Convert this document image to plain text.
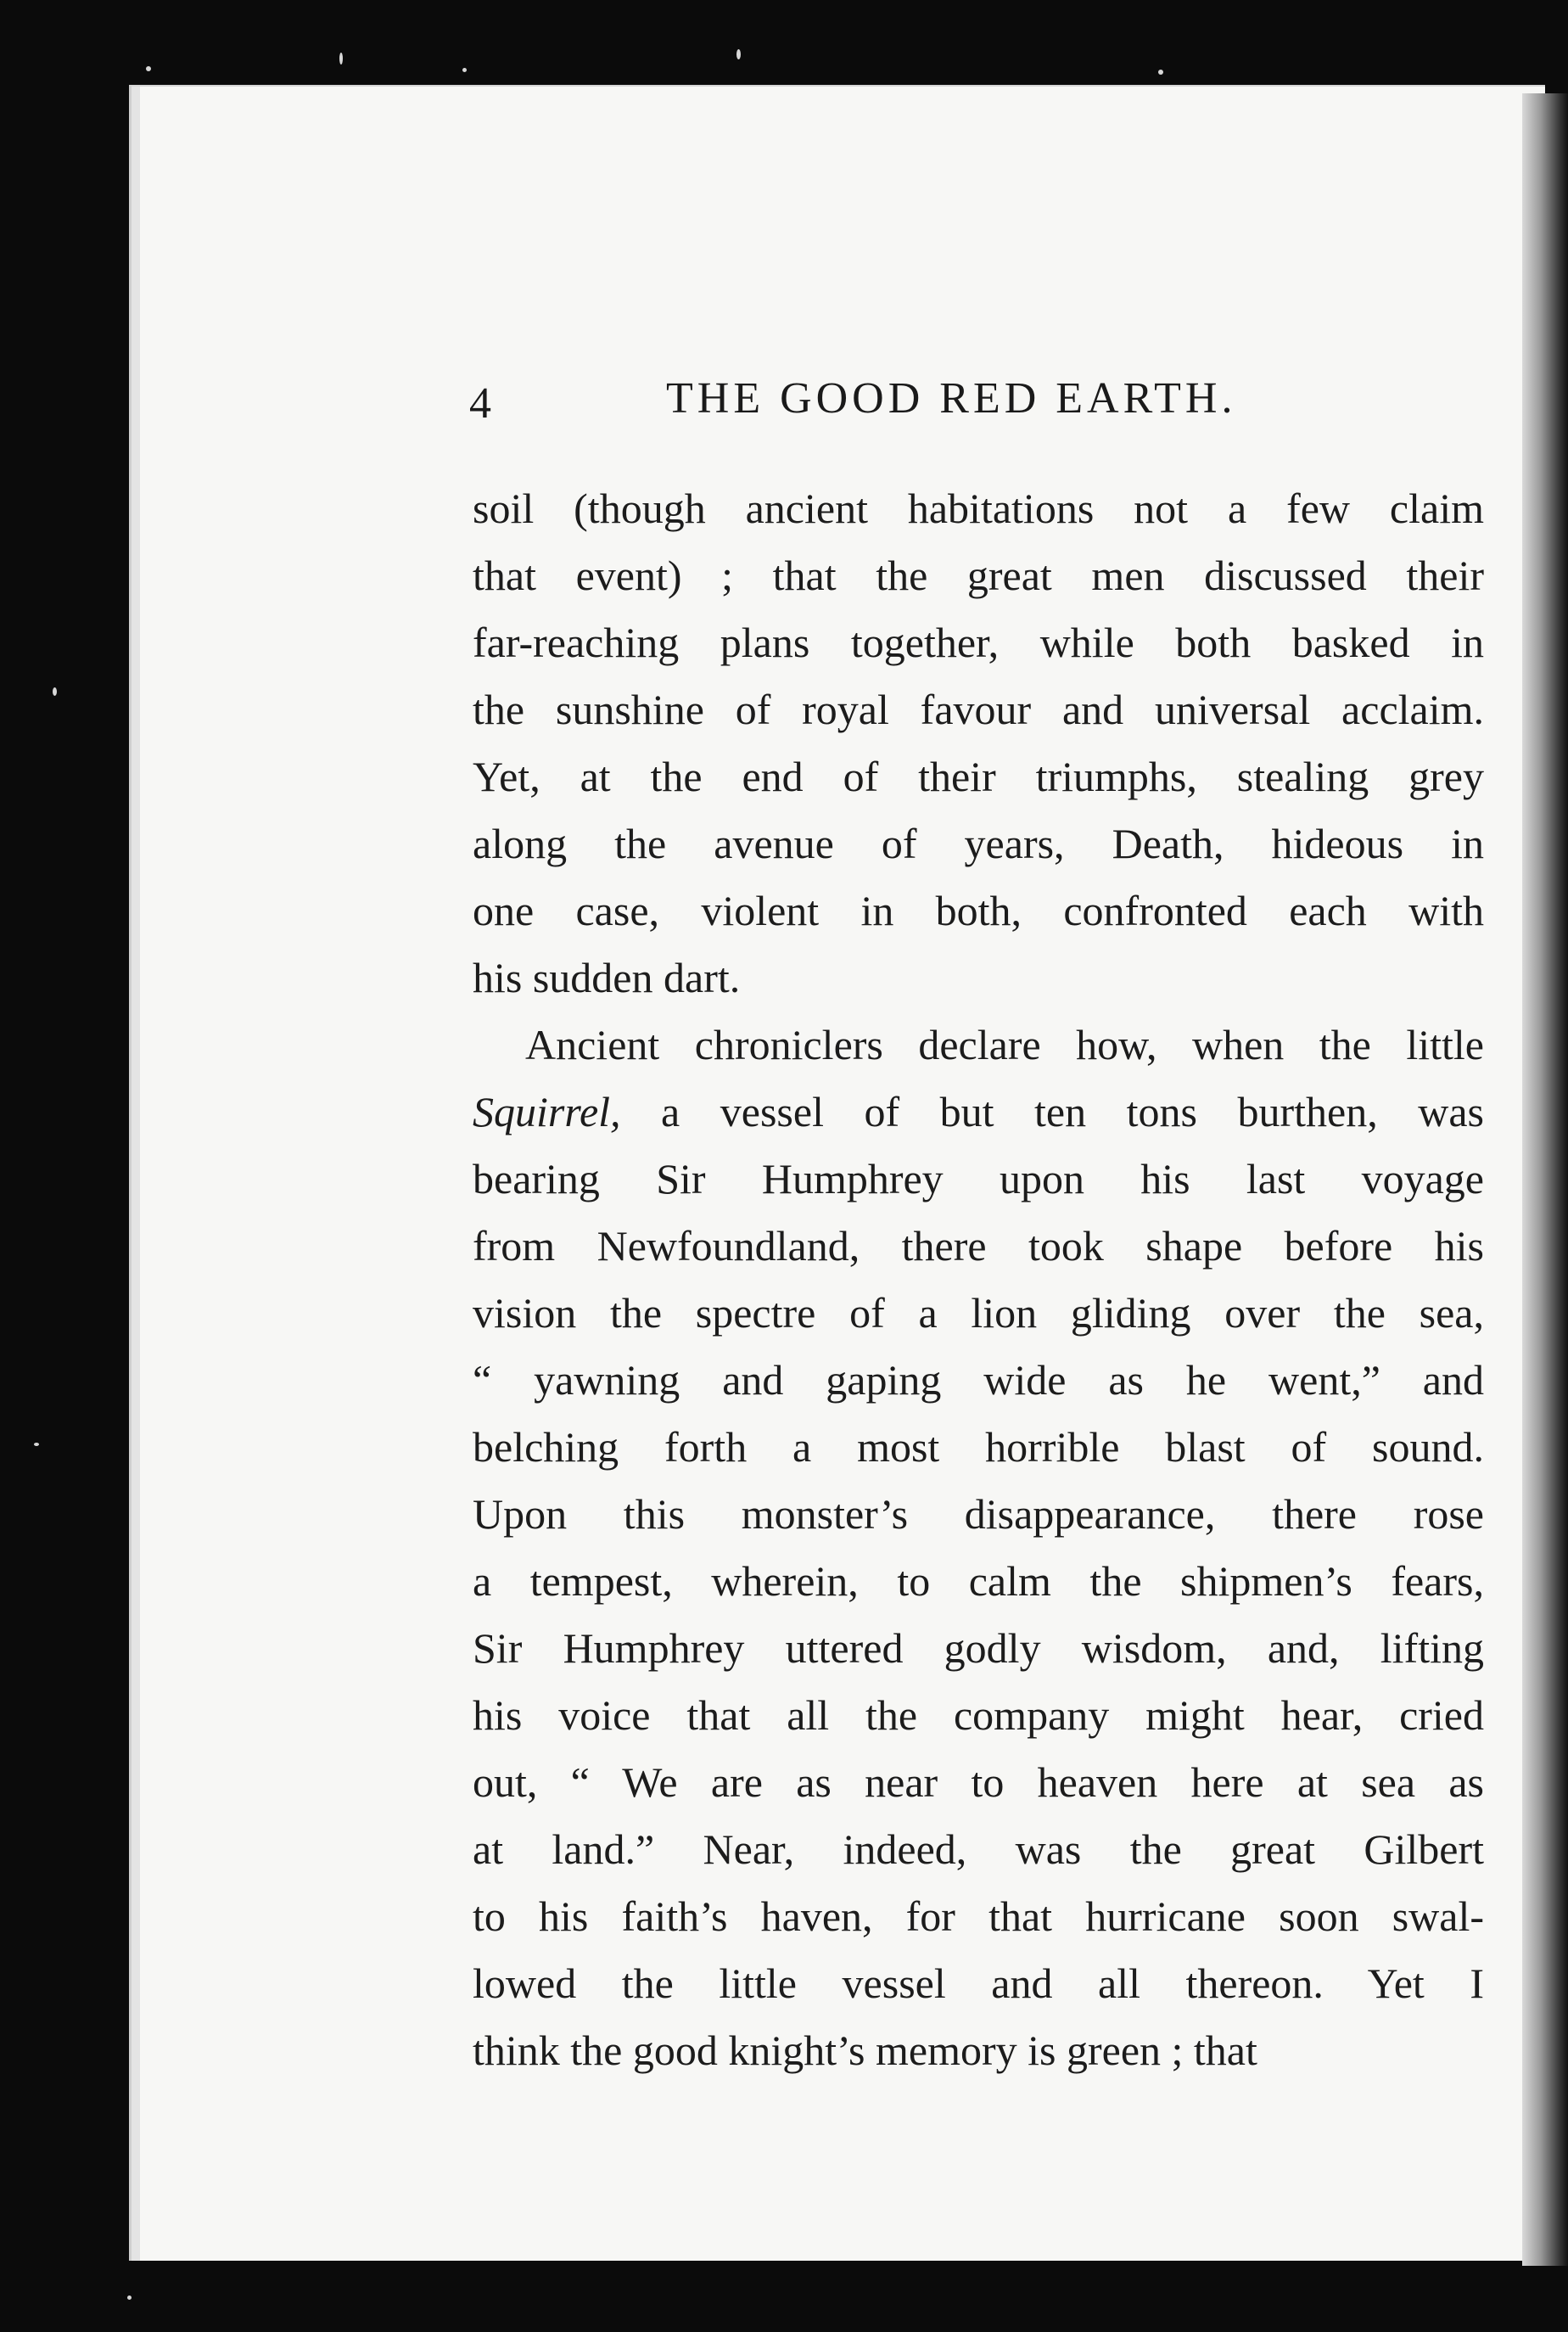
4	THE GOOD RED EARTH.
soil (though ancient habitations not a few claim
that event) ; that the great men discussed their
far-reaching plans together, while both basked in
the sunshine of royal favour and universal acclaim.
Yet, at the end of their triumphs, stealing grey
along the avenue of years, Death, hideous in
one case, violent in both, confronted each with
his sudden dart.
Ancient chroniclers declare how, when the little
Squirrel, a vessel of but ten tons burthen, was
bearing Sir Humphrey upon his last voyage
from Newfoundland, there took shape before his
vision the spectre of a lion gliding over the sea,
“ yawning and gaping wide as he went,” and
belching forth a most horrible blast of sound.
Upon this monster’s disappearance, there rose
a tempest, wherein, to calm the shipmen’s fears,
Sir Humphrey uttered godly wisdom, and, lifting
his voice that all the company might hear, cried
out, “ We are as near to heaven here at sea as
at land.” Near, indeed, was the great Gilbert
to his faith’s haven, for that hurricane soon swal-
lowed the little vessel and all thereon. Yet I
think the good knight’s memory is green ; that
